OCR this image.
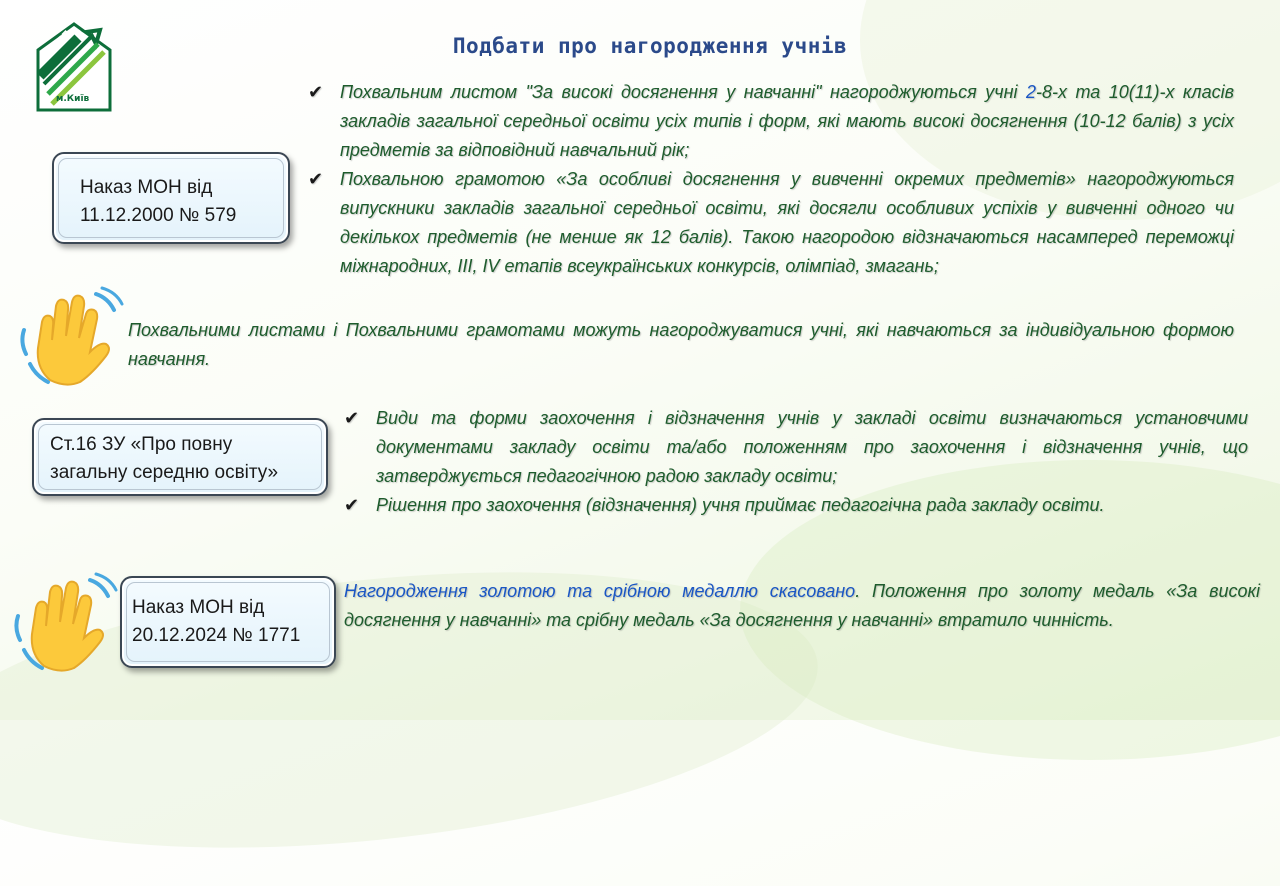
ЦПРПП
м.Київ
Подбати про нагородження учнів
Наказ МОН від
11.12.2000 № 579
✔ Похвальним листом "За високі досягнення у навчанні" нагороджуються учні 2-8-х та 10(11)-х класів закладів загальної середньої освіти усіх типів і форм, які мають високі досягнення (10-12 балів) з усіх предметів за відповідний навчальний рік;
✔ Похвальною грамотою «За особливі досягнення у вивченні окремих предметів» нагороджуються випускники закладів загальної середньої освіти, які досягли особливих успіхів у вивченні одного чи декількох предметів (не менше як 12 балів). Такою нагородою відзначаються насамперед переможці міжнародних, ІІІ, IV етапів всеукраїнських конкурсів, олімпіад, змагань;

Похвальними листами і Похвальними грамотами можуть нагороджуватися учні, які навчаються за індивідуальною формою навчання.

Ст.16 ЗУ «Про повну
загальну середню освіту»
✔ Види та форми заохочення і відзначення учнів у закладі освіти визначаються установчими документами закладу освіти та/або положенням про заохочення і відзначення учнів, що затверджується педагогічною радою закладу освіти;
✔ Рішення про заохочення (відзначення) учня приймає педагогічна рада закладу освіти.
Наказ МОН від
20.12.2024 № 1771

Нагородження золотою та срібною медаллю скасовано. Положення про золоту медаль «За високі досягнення у навчанні» та срібну медаль «За досягнення у навчанні» втратило чинність.
